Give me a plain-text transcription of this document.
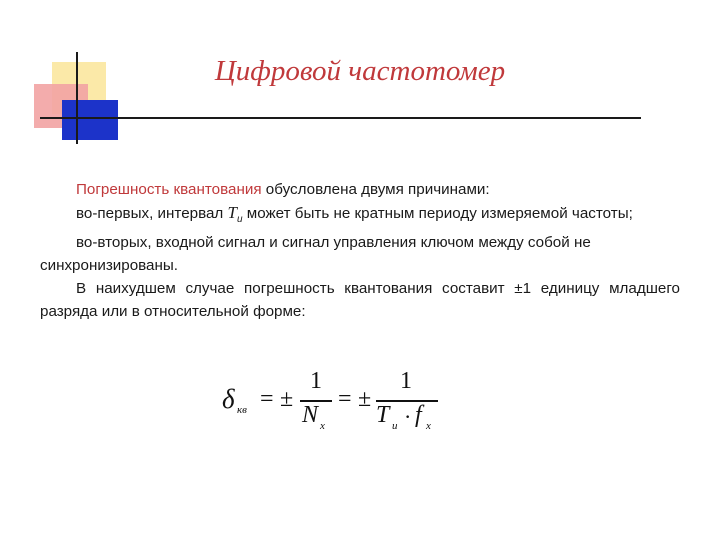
Цифровой частотомер

Погрешность квантования обусловлена двумя причинами:

во-первых, интервал $T_и$ может быть не кратным периоду измеряемой частоты;

во-вторых, входной сигнал и сигнал управления ключом между собой не синхронизированы.

В наихудшем случае погрешность квантования составит ±1 единицу младшего разряда или в относительной форме:

δ кв = ±
1
N x
= ±
1
T и · f x
